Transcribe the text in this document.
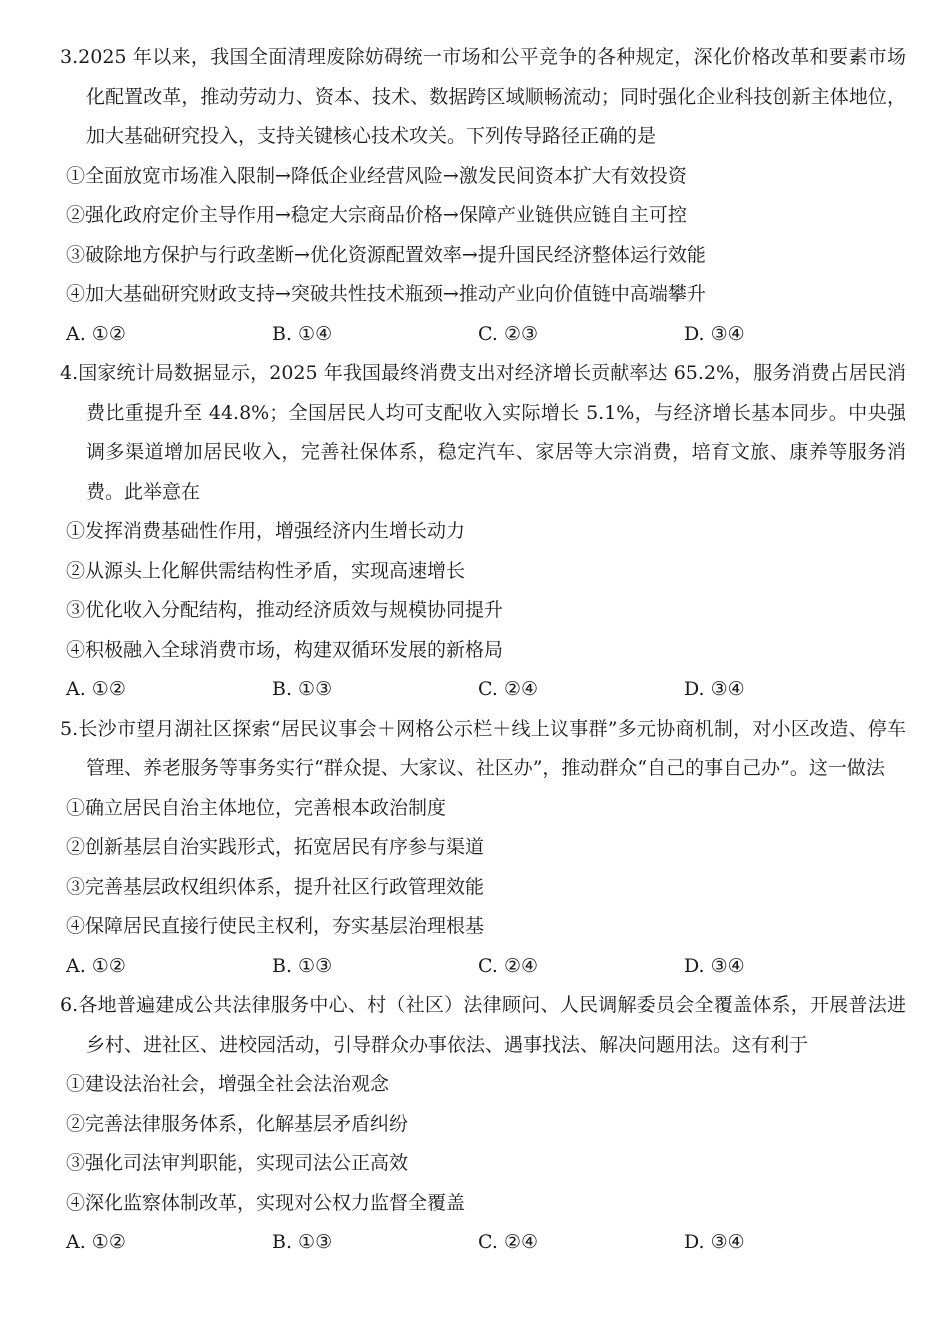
3.2025 年以来，我国全面清理废除妨碍统一市场和公平竞争的各种规定，深化价格改革和要素市场化配置改革，推动劳动力、资本、技术、数据跨区域顺畅流动；同时强化企业科技创新主体地位，加大基础研究投入，支持关键核心技术攻关。下列传导路径正确的是

①全面放宽市场准入限制→降低企业经营风险→激发民间资本扩大有效投资

②强化政府定价主导作用→稳定大宗商品价格→保障产业链供应链自主可控

③破除地方保护与行政垄断→优化资源配置效率→提升国民经济整体运行效能

④加大基础研究财政支持→突破共性技术瓶颈→推动产业向价值链中高端攀升

A. ①②	B. ①④	C. ②③	D. ③④

4.国家统计局数据显示，2025 年我国最终消费支出对经济增长贡献率达 65.2%，服务消费占居民消费比重提升至 44.8%；全国居民人均可支配收入实际增长 5.1%，与经济增长基本同步。中央强调多渠道增加居民收入，完善社保体系，稳定汽车、家居等大宗消费，培育文旅、康养等服务消费。此举意在

①发挥消费基础性作用，增强经济内生增长动力

②从源头上化解供需结构性矛盾，实现高速增长

③优化收入分配结构，推动经济质效与规模协同提升

④积极融入全球消费市场，构建双循环发展的新格局

A. ①②	B. ①③	C. ②④	D. ③④

5.长沙市望月湖社区探索“居民议事会＋网格公示栏＋线上议事群”多元协商机制，对小区改造、停车管理、养老服务等事务实行“群众提、大家议、社区办”，推动群众“自己的事自己办”。这一做法

①确立居民自治主体地位，完善根本政治制度

②创新基层自治实践形式，拓宽居民有序参与渠道

③完善基层政权组织体系，提升社区行政管理效能

④保障居民直接行使民主权利，夯实基层治理根基

A. ①②	B. ①③	C. ②④	D. ③④

6.各地普遍建成公共法律服务中心、村（社区）法律顾问、人民调解委员会全覆盖体系，开展普法进乡村、进社区、进校园活动，引导群众办事依法、遇事找法、解决问题用法。这有利于

①建设法治社会，增强全社会法治观念

②完善法律服务体系，化解基层矛盾纠纷

③强化司法审判职能，实现司法公正高效

④深化监察体制改革，实现对公权力监督全覆盖

A. ①②	B. ①③	C. ②④	D. ③④
